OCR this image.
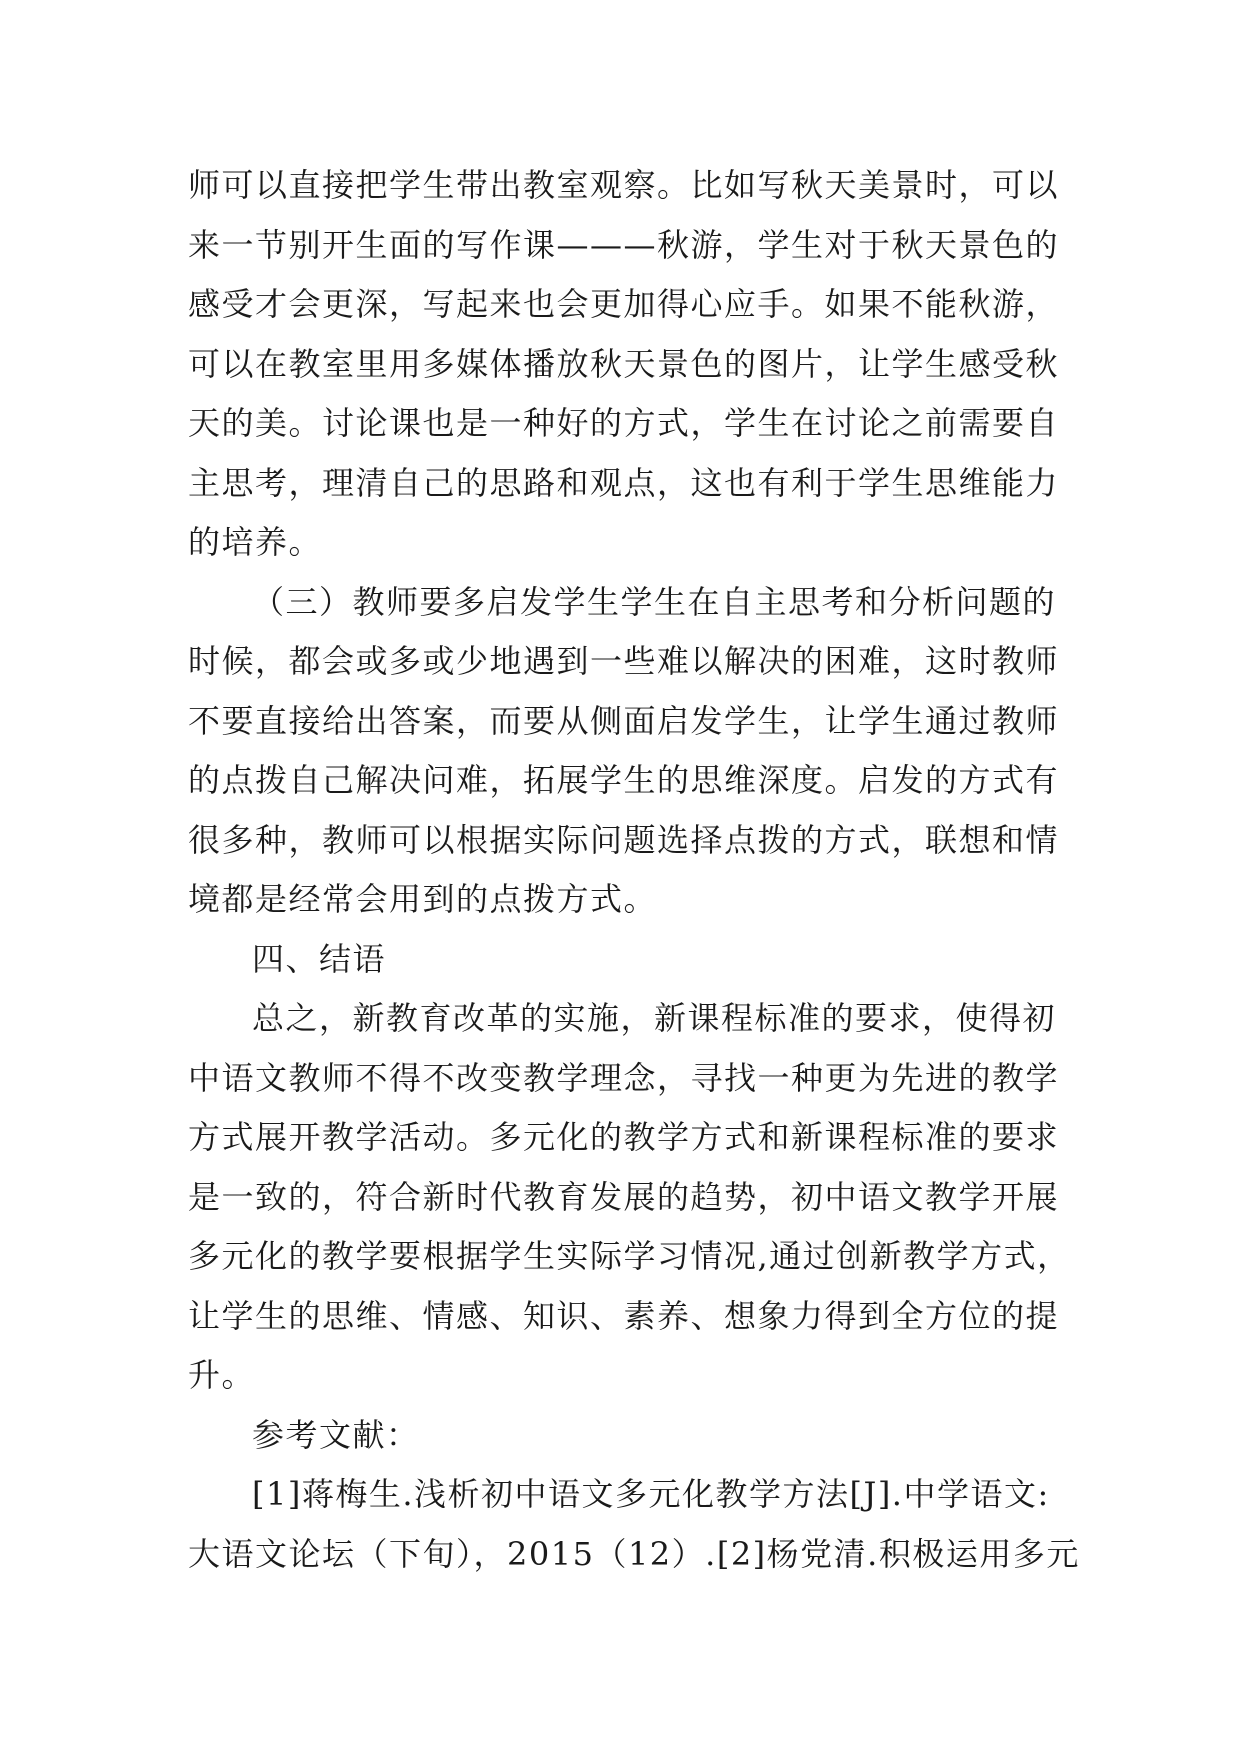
师可以直接把学生带出教室观察。比如写秋天美景时，可以
来一节别开生面的写作课———秋游，学生对于秋天景色的
感受才会更深，写起来也会更加得心应手。如果不能秋游，
可以在教室里用多媒体播放秋天景色的图片，让学生感受秋
天的美。讨论课也是一种好的方式，学生在讨论之前需要自
主思考，理清自己的思路和观点，这也有利于学生思维能力
的培养。
（三）教师要多启发学生学生在自主思考和分析问题的
时候，都会或多或少地遇到一些难以解决的困难，这时教师
不要直接给出答案，而要从侧面启发学生，让学生通过教师
的点拨自己解决问难，拓展学生的思维深度。启发的方式有
很多种，教师可以根据实际问题选择点拨的方式，联想和情
境都是经常会用到的点拨方式。
四、结语
总之，新教育改革的实施，新课程标准的要求，使得初
中语文教师不得不改变教学理念，寻找一种更为先进的教学
方式展开教学活动。多元化的教学方式和新课程标准的要求
是一致的，符合新时代教育发展的趋势，初中语文教学开展
多元化的教学要根据学生实际学习情况,通过创新教学方式，
让学生的思维、情感、知识、素养、想象力得到全方位的提
升。
参考文献：
[1]蒋梅生.浅析初中语文多元化教学方法[J].中学语文:
大语文论坛（下旬），2015（12）.[2]杨党清.积极运用多元
